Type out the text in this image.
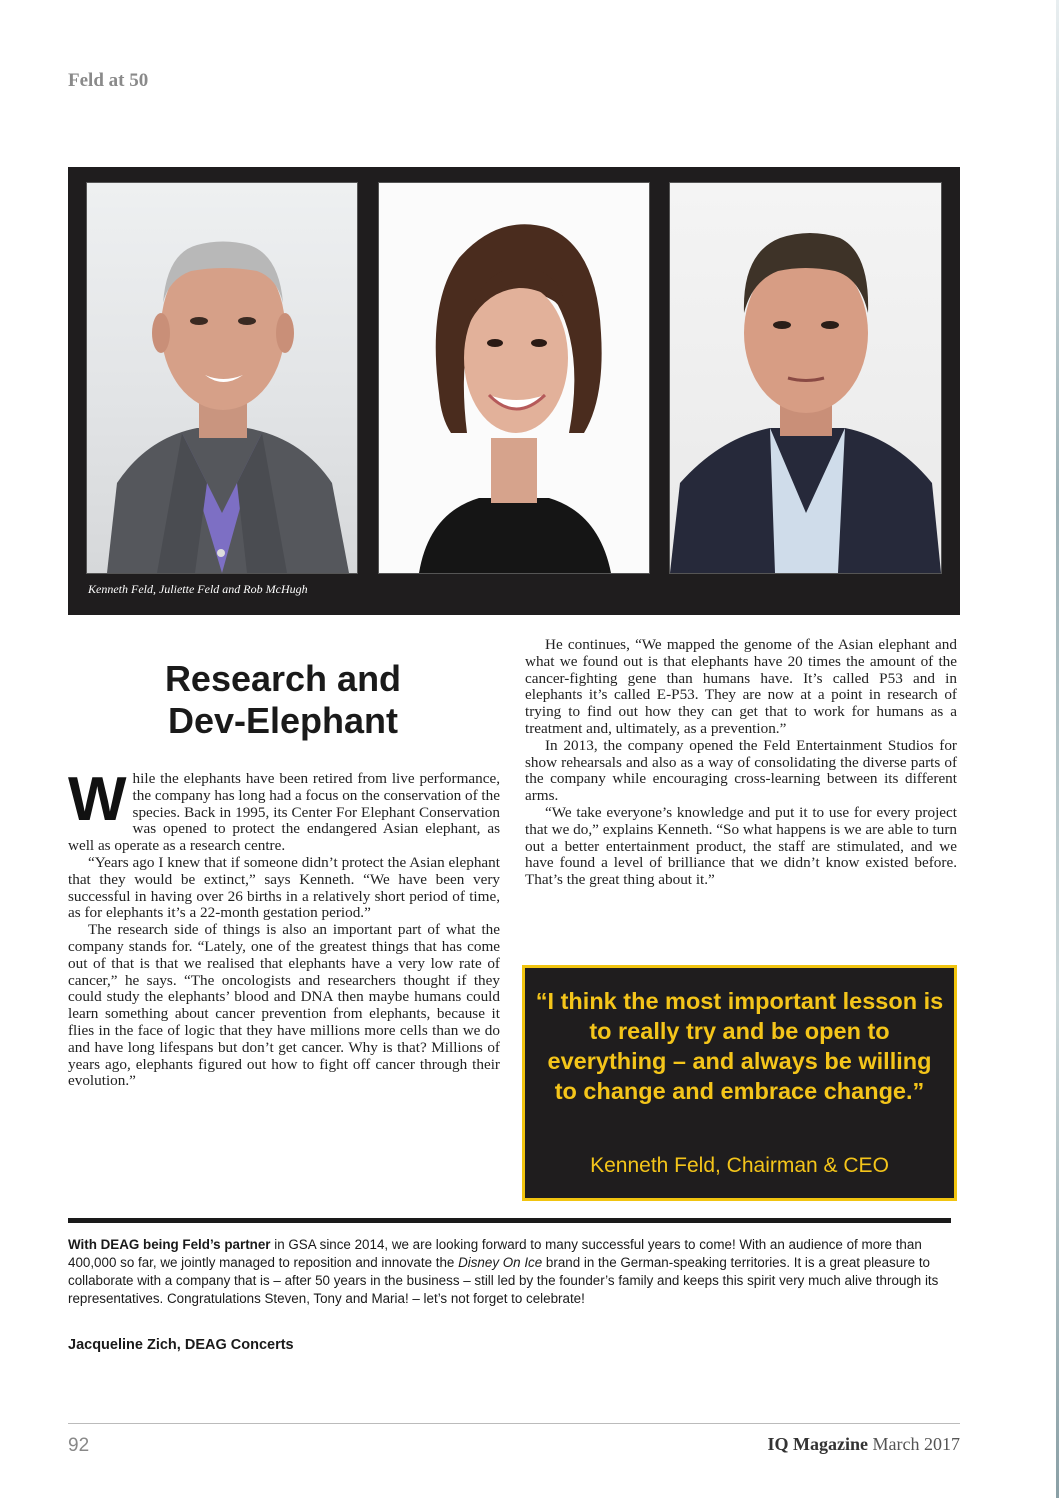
Feld at 50
Kenneth Feld, Juliette Feld and Rob McHugh
Research and
Dev-Elephant

While the elephants have been retired from live performance, the company has long had a focus on the conservation of the species. Back in 1995, its Center For Elephant Conservation was opened to protect the endangered Asian elephant, as well as operate as a research centre.

“Years ago I knew that if someone didn’t protect the Asian elephant that they would be extinct,” says Kenneth. “We have been very successful in having over 26 births in a relatively short period of time, as for elephants it’s a 22-month gestation period.”

The research side of things is also an important part of what the company stands for. “Lately, one of the greatest things that has come out of that is that we realised that elephants have a very low rate of cancer,” he says. “The oncologists and researchers thought if they could study the elephants’ blood and DNA then maybe humans could learn something about cancer prevention from elephants, because it flies in the face of logic that they have millions more cells than we do and have long lifespans but don’t get cancer. Why is that? Millions of years ago, elephants figured out how to fight off cancer through their evolution.”

He continues, “We mapped the genome of the Asian elephant and what we found out is that elephants have 20 times the amount of the cancer-fighting gene than humans have. It’s called P53 and in elephants it’s called E-P53. They are now at a point in research of trying to find out how they can get that to work for humans as a treatment and, ultimately, as a prevention.”

In 2013, the company opened the Feld Entertainment Studios for show rehearsals and also as a way of consolidating the diverse parts of the company while encouraging cross-learning between its different arms.

“We take everyone’s knowledge and put it to use for every project that we do,” explains Kenneth. “So what happens is we are able to turn out a better entertainment product, the staff are stimulated, and we have found a level of brilliance that we didn’t know existed before. That’s the great thing about it.”

“I think the most important lesson is to really try and be open to everything – and always be willing to change and embrace change.”
Kenneth Feld, Chairman & CEO
With DEAG being Feld’s partner in GSA since 2014, we are looking forward to many successful years to come! With an audience of more than 400,000 so far, we jointly managed to reposition and innovate the Disney On Ice brand in the German-speaking territories. It is a great pleasure to collaborate with a company that is – after 50 years in the business – still led by the founder’s family and keeps this spirit very much alive through its representatives. Congratulations Steven, Tony and Maria! – let’s not forget to celebrate!
Jacqueline Zich, DEAG Concerts
92	IQ Magazine March 2017
